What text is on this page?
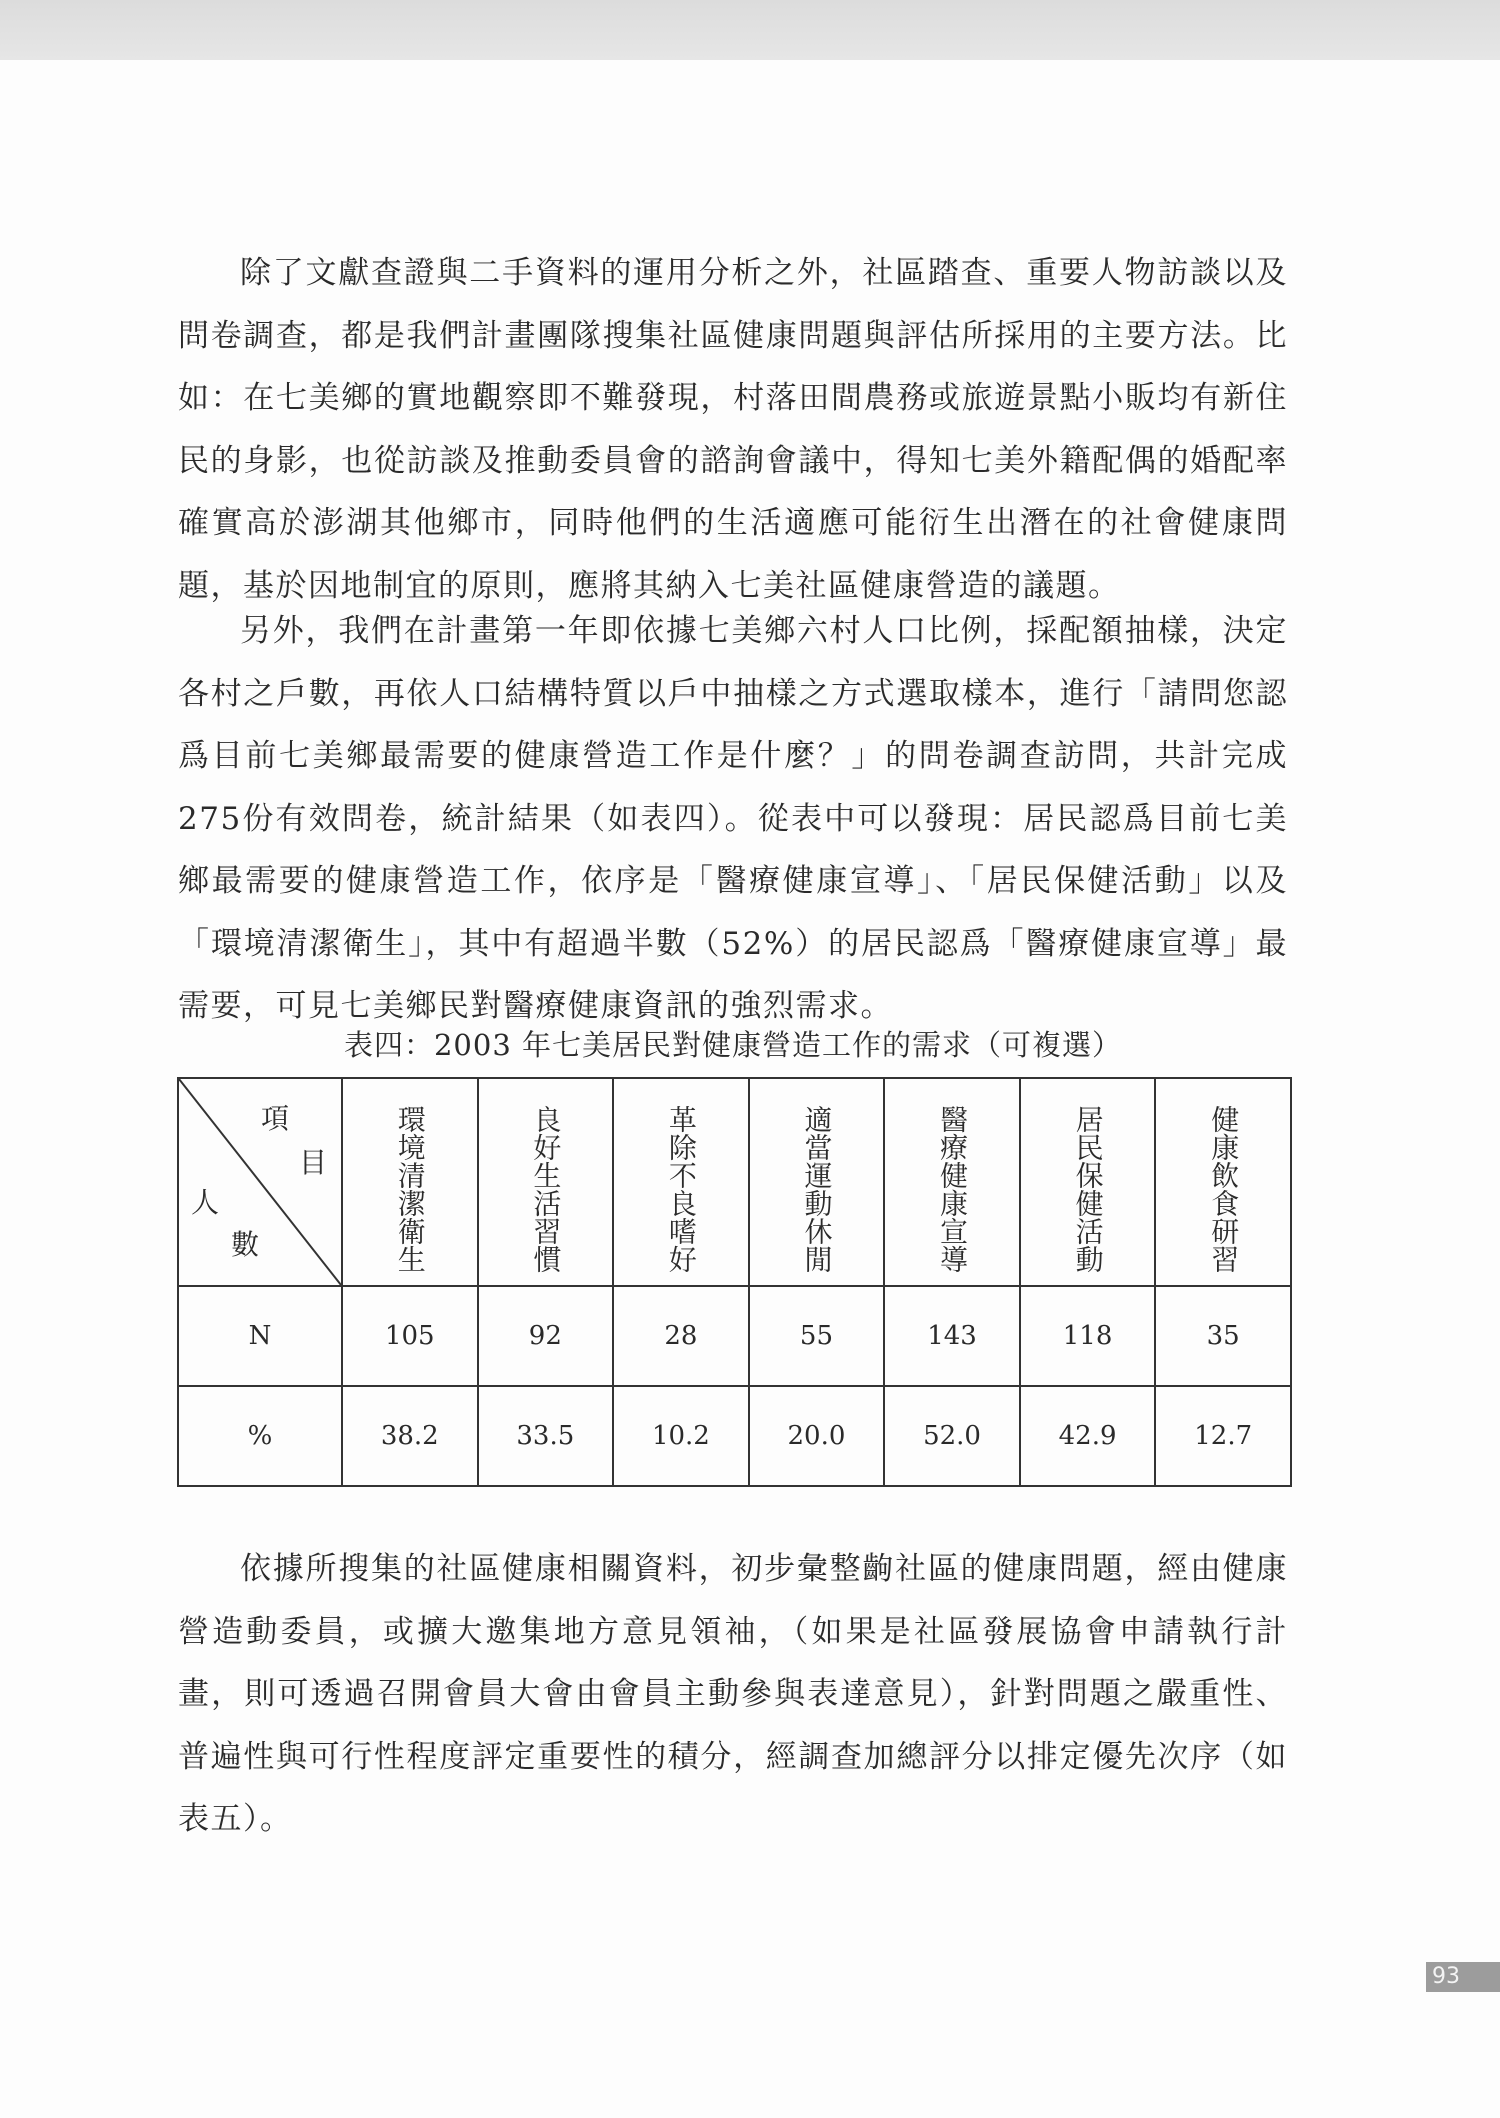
除了文獻查證與二手資料的運用分析之外，社區踏查、重要人物訪談以及問卷調查，都是我們計畫團隊搜集社區健康問題與評估所採用的主要方法。比如：在七美鄉的實地觀察即不難發現，村落田間農務或旅遊景點小販均有新住民的身影，也從訪談及推動委員會的諮詢會議中，得知七美外籍配偶的婚配率確實高於澎湖其他鄉市，同時他們的生活適應可能衍生出潛在的社會健康問題，基於因地制宜的原則，應將其納入七美社區健康營造的議題。

另外，我們在計畫第一年即依據七美鄉六村人口比例，採配額抽樣，決定各村之戶數，再依人口結構特質以戶中抽樣之方式選取樣本，進行「請問您認爲目前七美鄉最需要的健康營造工作是什麼？」的問卷調查訪問，共計完成275份有效問卷，統計結果（如表四）。從表中可以發現：居民認爲目前七美鄉最需要的健康營造工作，依序是「醫療健康宣導」、「居民保健活動」以及「環境清潔衛生」，其中有超過半數（52%）的居民認爲「醫療健康宣導」最需要，可見七美鄉民對醫療健康資訊的強烈需求。

表四：2003 年七美居民對健康營造工作的需求（可複選）
項
目
人
數	環境清潔衛生	良好生活習慣	革除不良嗜好	適當運動休閒	醫療健康宣導	居民保健活動	健康飲食研習
N	105	92	28	55	143	118	35
%	38.2	33.5	10.2	20.0	52.0	42.9	12.7

依據所搜集的社區健康相關資料，初步彙整齣社區的健康問題，經由健康營造動委員，或擴大邀集地方意見領袖，（如果是社區發展協會申請執行計畫，則可透過召開會員大會由會員主動參與表達意見），針對問題之嚴重性、普遍性與可行性程度評定重要性的積分，經調查加總評分以排定優先次序（如表五）。

93
